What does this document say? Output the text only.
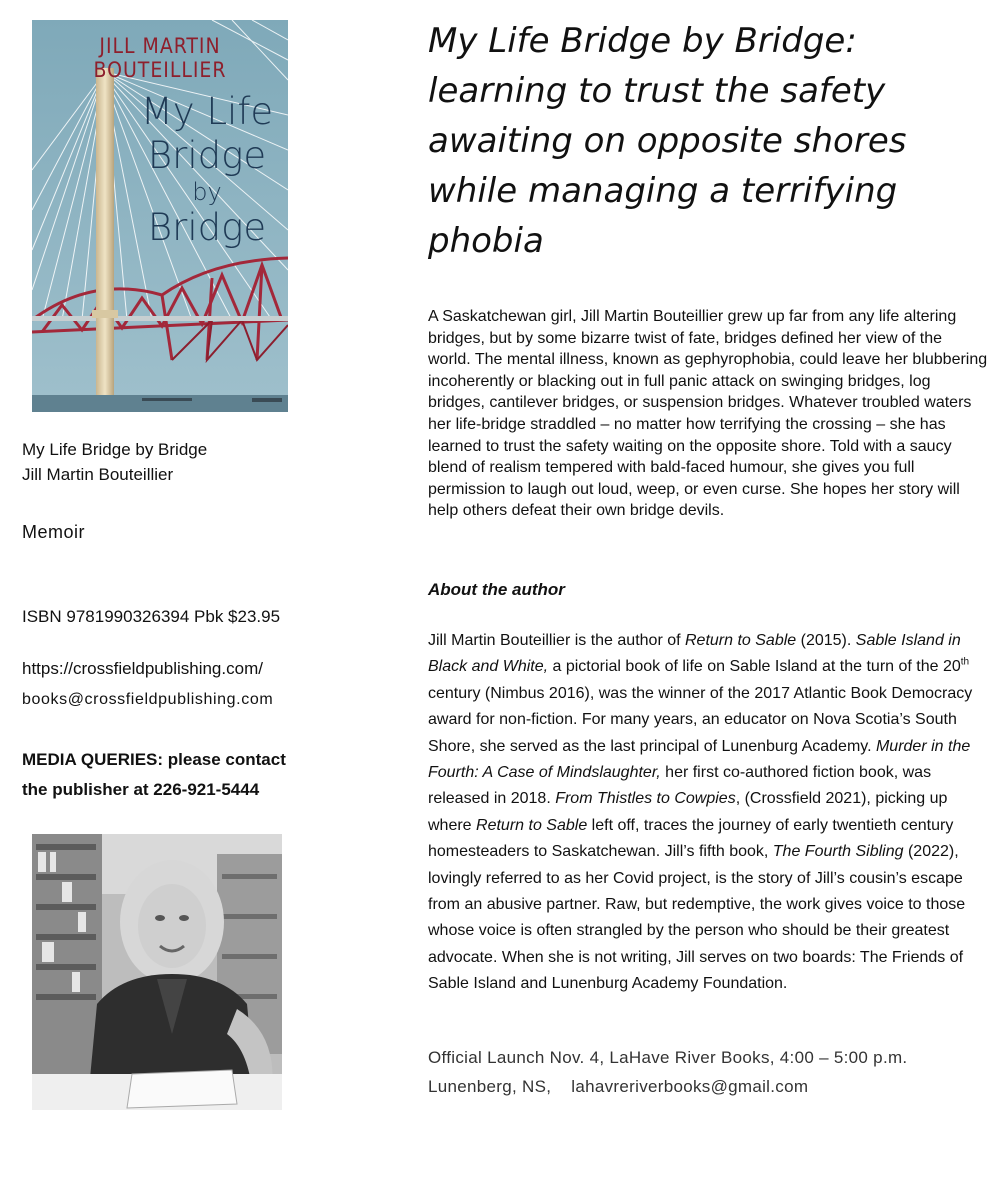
JILL MARTIN BOUTEILLIER
My Life
Bridge
by
Bridge
My Life Bridge by Bridge
Jill Martin Bouteillier
Memoir
ISBN 9781990326394 Pbk $23.95
https://crossfieldpublishing.com/
books@crossfieldpublishing.com
MEDIA QUERIES: please contact
the publisher at 226-921-5444
My Life Bridge by Bridge: learning to trust the safety awaiting on opposite shores while managing a terrifying phobia

A Saskatchewan girl, Jill Martin Bouteillier grew up far from any life altering bridges, but by some bizarre twist of fate, bridges defined her view of the world. The mental illness, known as gephyrophobia, could leave her blubbering incoherently or blacking out in full panic attack on swinging bridges, log bridges, cantilever bridges, or suspension bridges. Whatever troubled waters her life-bridge straddled – no matter how terrifying the crossing – she has learned to trust the safety waiting on the opposite shore. Told with a saucy blend of realism tempered with bald-faced humour, she gives you full permission to laugh out loud, weep, or even curse. She hopes her story will help others defeat their own bridge devils.

About the author

Jill Martin Bouteillier is the author of Return to Sable (2015). Sable Island in Black and White, a pictorial book of life on Sable Island at the turn of the 20th century (Nimbus 2016), was the winner of the 2017 Atlantic Book Democracy award for non-fiction. For many years, an educator on Nova Scotia’s South Shore, she served as the last principal of Lunenburg Academy. Murder in the Fourth: A Case of Mindslaughter, her first co-authored fiction book, was released in 2018. From Thistles to Cowpies, (Crossfield 2021), picking up where Return to Sable left off, traces the journey of early twentieth century homesteaders to Saskatchewan. Jill’s fifth book, The Fourth Sibling (2022), lovingly referred to as her Covid project, is the story of Jill’s cousin’s escape from an abusive partner. Raw, but redemptive, the work gives voice to those whose voice is often strangled by the person who should be their greatest advocate. When she is not writing, Jill serves on two boards: The Friends of Sable Island and Lunenburg Academy Foundation.

Official Launch Nov. 4, LaHave River Books, 4:00 – 5:00 p.m.
Lunenberg, NS, lahavreriverbooks@gmail.com
